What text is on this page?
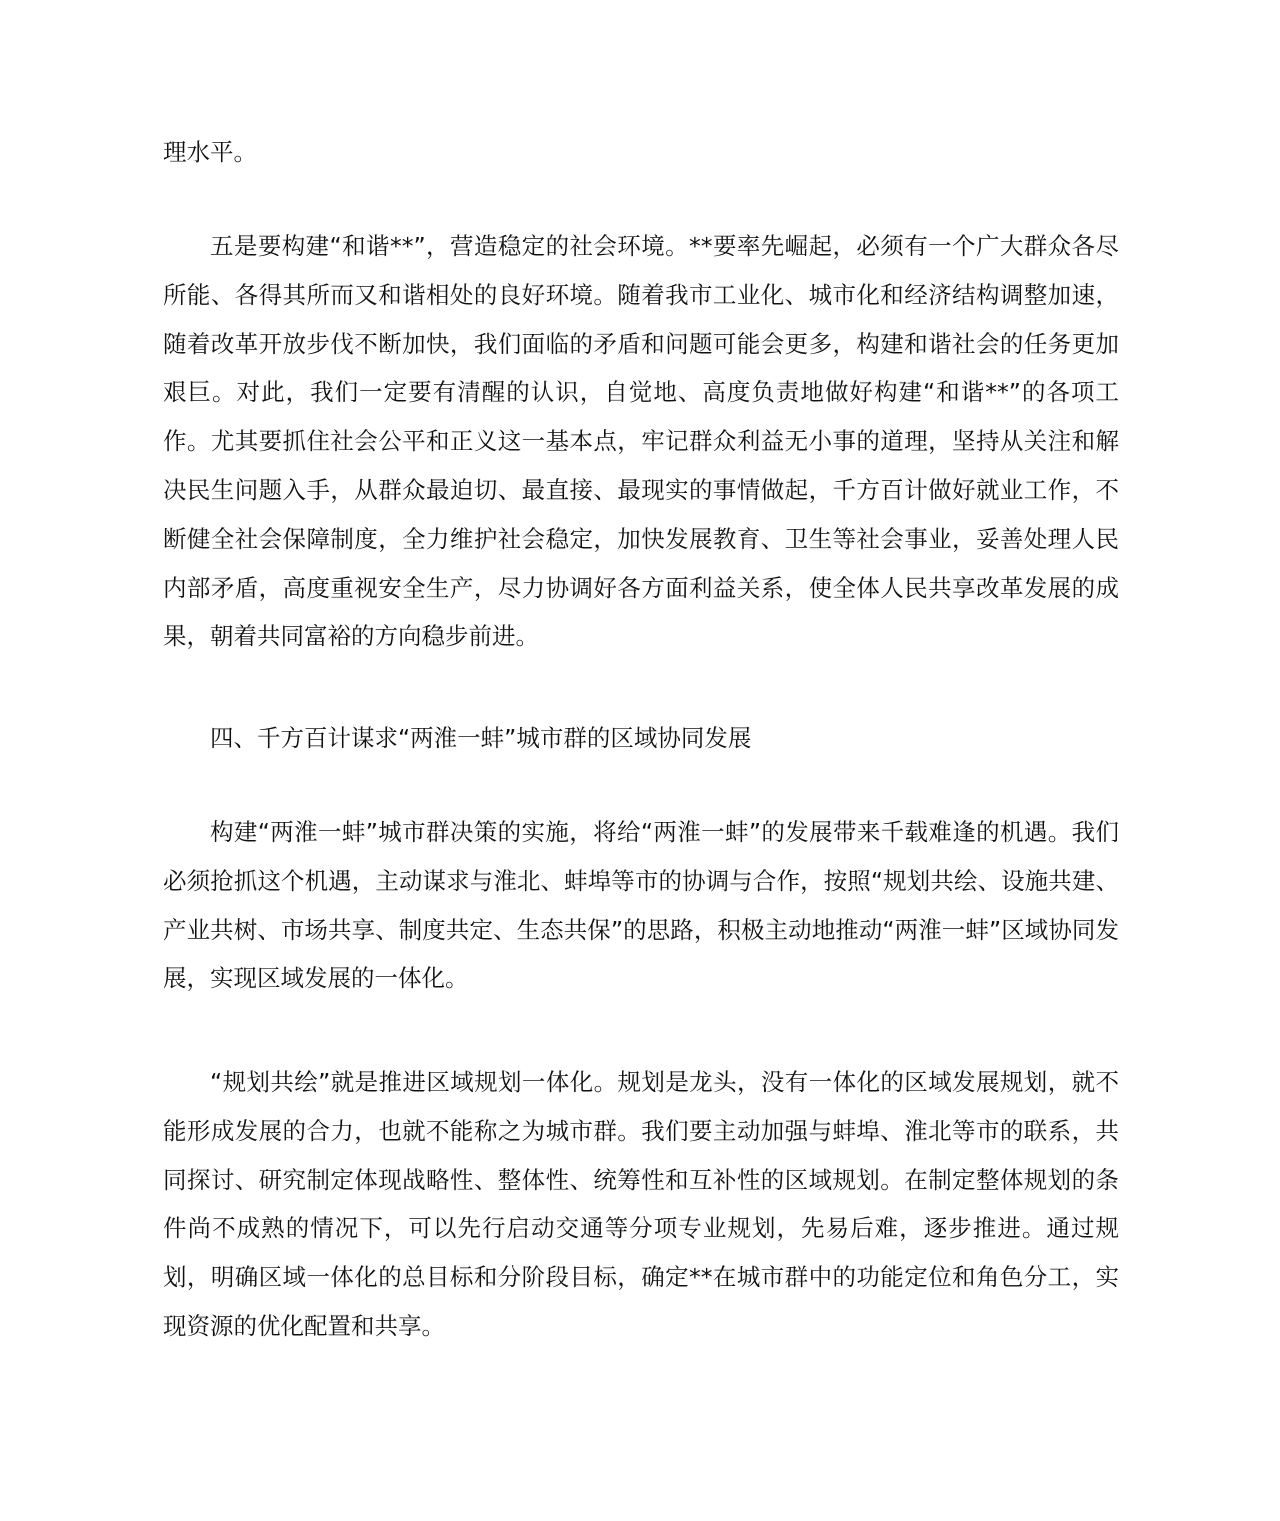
理水平。

五是要构建“和谐**”，营造稳定的社会环境。**要率先崛起，必须有一个广大群众各尽所能、各得其所而又和谐相处的良好环境。随着我市工业化、城市化和经济结构调整加速，随着改革开放步伐不断加快，我们面临的矛盾和问题可能会更多，构建和谐社会的任务更加艰巨。对此，我们一定要有清醒的认识，自觉地、高度负责地做好构建“和谐**”的各项工作。尤其要抓住社会公平和正义这一基本点，牢记群众利益无小事的道理，坚持从关注和解决民生问题入手，从群众最迫切、最直接、最现实的事情做起，千方百计做好就业工作，不断健全社会保障制度，全力维护社会稳定，加快发展教育、卫生等社会事业，妥善处理人民内部矛盾，高度重视安全生产，尽力协调好各方面利益关系，使全体人民共享改革发展的成果，朝着共同富裕的方向稳步前进。

四、千方百计谋求“两淮一蚌”城市群的区域协同发展

构建“两淮一蚌”城市群决策的实施，将给“两淮一蚌”的发展带来千载难逢的机遇。我们必须抢抓这个机遇，主动谋求与淮北、蚌埠等市的协调与合作，按照“规划共绘、设施共建、产业共树、市场共享、制度共定、生态共保”的思路，积极主动地推动“两淮一蚌”区域协同发展，实现区域发展的一体化。

“规划共绘”就是推进区域规划一体化。规划是龙头，没有一体化的区域发展规划，就不能形成发展的合力，也就不能称之为城市群。我们要主动加强与蚌埠、淮北等市的联系，共同探讨、研究制定体现战略性、整体性、统筹性和互补性的区域规划。在制定整体规划的条件尚不成熟的情况下，可以先行启动交通等分项专业规划，先易后难，逐步推进。通过规划，明确区域一体化的总目标和分阶段目标，确定**在城市群中的功能定位和角色分工，实现资源的优化配置和共享。
